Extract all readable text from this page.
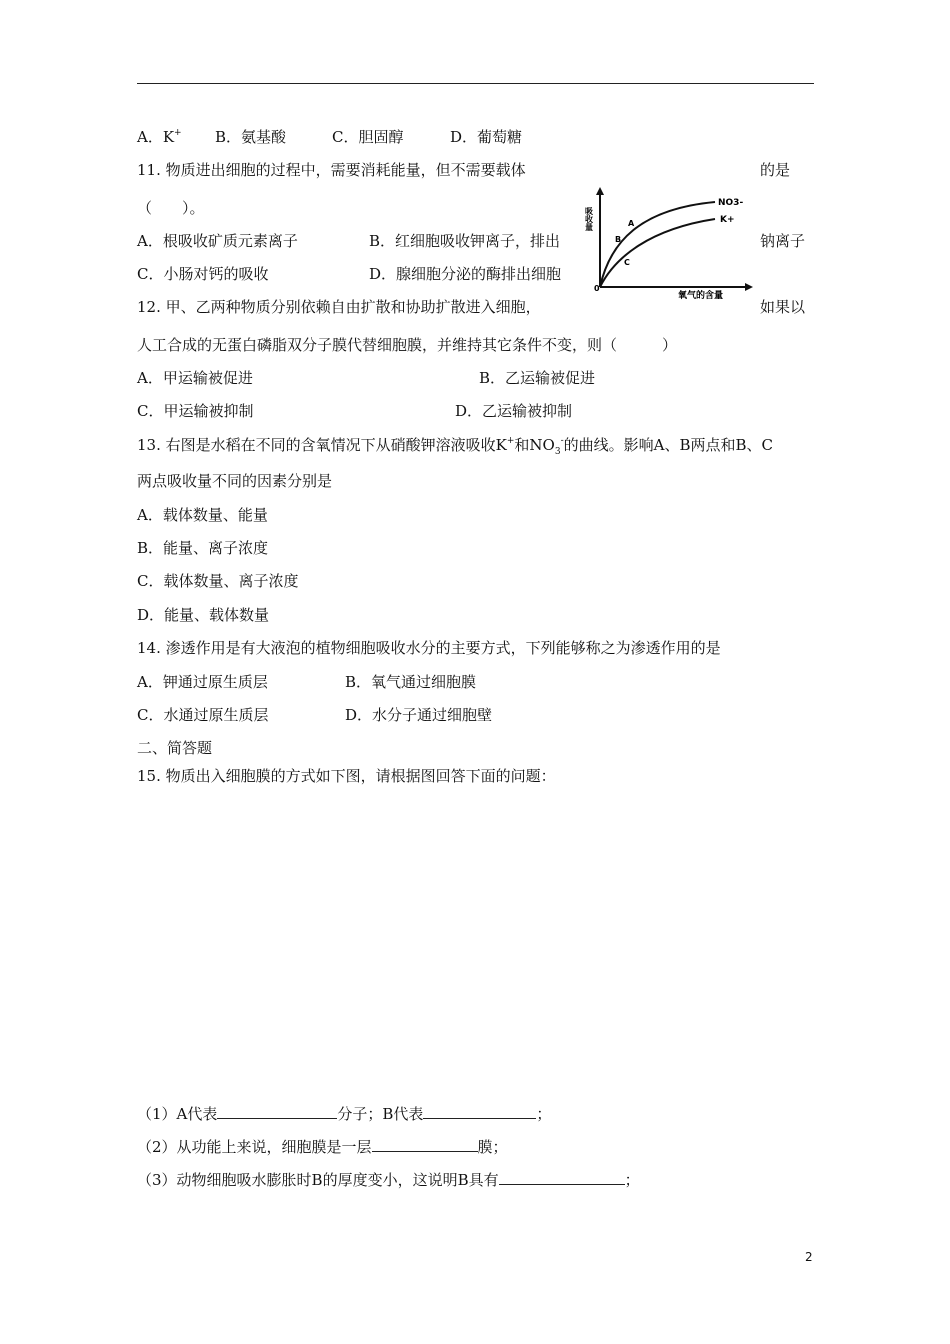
A．K+ B．氨基酸	C．胆固醇	D．葡萄糖
11. 物质进出细胞的过程中，需要消耗能量，但不需要载体	的是
（　　）。
A．根吸收矿质元素离子	B．红细胞吸收钾离子，排出	钠离子
C．小肠对钙的吸收	D．腺细胞分泌的酶排出细胞
吸收量
氧气的含量
0
NO3-
K+
A
B
C
12. 甲、乙两种物质分别依赖自由扩散和协助扩散进入细胞，	如果以
人工合成的无蛋白磷脂双分子膜代替细胞膜，并维持其它条件不变，则（　　　）
A．甲运输被促进	B．乙运输被促进
C．甲运输被抑制	D．乙运输被抑制
13. 右图是水稻在不同的含氧情况下从硝酸钾溶液吸收K+和$NO_3^-$的曲线。影响A、B两点和B、C
两点吸收量不同的因素分别是
A．载体数量、能量
B．能量、离子浓度
C．载体数量、离子浓度
D．能量、载体数量
14. 渗透作用是有大液泡的植物细胞吸收水分的主要方式，下列能够称之为渗透作用的是
A．钾通过原生质层	B．氧气通过细胞膜
C．水通过原生质层	D．水分子通过细胞壁
二、简答题
15. 物质出入细胞膜的方式如下图，请根据图回答下面的问题：
（1）A代表	分子；B代表	；
（2）从功能上来说，细胞膜是一层	膜；
（3）动物细胞吸水膨胀时B的厚度变小，这说明B具有	；
2
